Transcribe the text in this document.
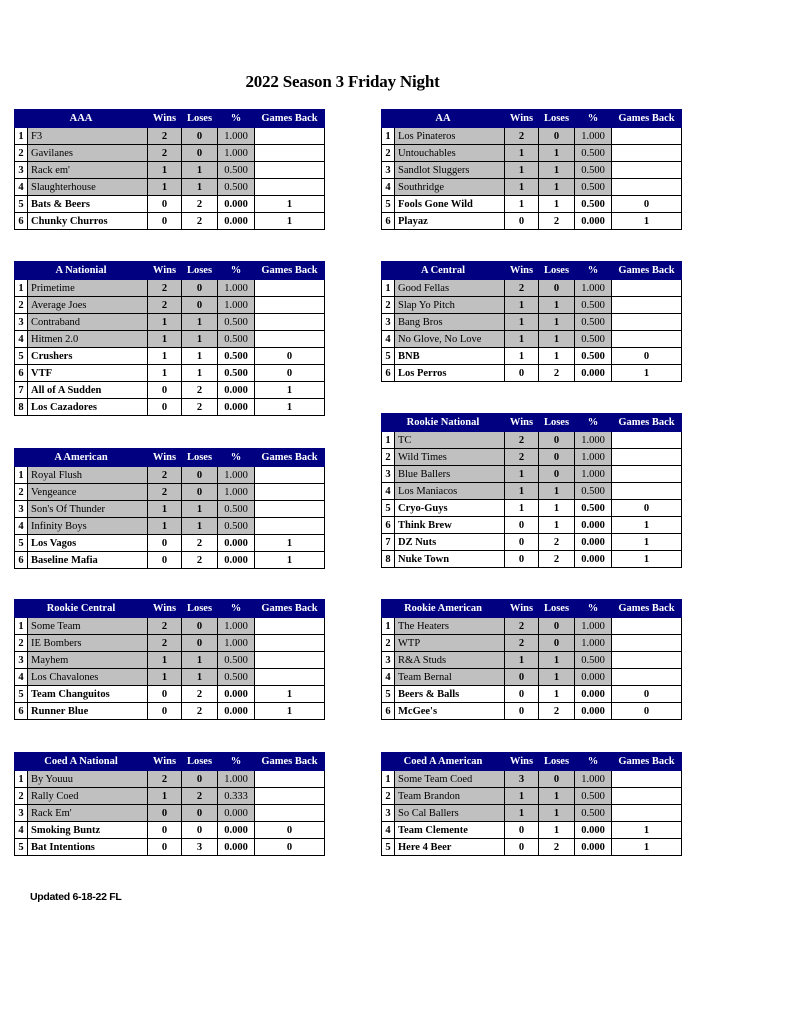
2022 Season 3 Friday Night
AAA		Wins	Loses	%	Games Back
1	F3	2	0	1.000	
2	Gavilanes	2	0	1.000	
3	Rack em'	1	1	0.500	
4	Slaughterhouse	1	1	0.500	
5	Bats & Beers	0	2	0.000	1
6	Chunky Churros	0	2	0.000	1
AA		Wins	Loses	%	Games Back
1	Los Pinateros	2	0	1.000	
2	Untouchables	1	1	0.500	
3	Sandlot Sluggers	1	1	0.500	
4	Southridge	1	1	0.500	
5	Fools Gone Wild	1	1	0.500	0
6	Playaz	0	2	0.000	1
A Nationial		Wins	Loses	%	Games Back
1	Primetime	2	0	1.000	
2	Average Joes	2	0	1.000	
3	Contraband	1	1	0.500	
4	Hitmen 2.0	1	1	0.500	
5	Crushers	1	1	0.500	0
6	VTF	1	1	0.500	0
7	All of A Sudden	0	2	0.000	1
8	Los Cazadores	0	2	0.000	1
A Central		Wins	Loses	%	Games Back
1	Good Fellas	2	0	1.000	
2	Slap Yo Pitch	1	1	0.500	
3	Bang Bros	1	1	0.500	
4	No Glove, No Love	1	1	0.500	
5	BNB	1	1	0.500	0
6	Los Perros	0	2	0.000	1
Rookie National		Wins	Loses	%	Games Back
1	TC	2	0	1.000	
2	Wild Times	2	0	1.000	
3	Blue Ballers	1	0	1.000	
4	Los Maniacos	1	1	0.500	
5	Cryo-Guys	1	1	0.500	0
6	Think Brew	0	1	0.000	1
7	DZ Nuts	0	2	0.000	1
8	Nuke Town	0	2	0.000	1
A American		Wins	Loses	%	Games Back
1	Royal Flush	2	0	1.000	
2	Vengeance	2	0	1.000	
3	Son's Of Thunder	1	1	0.500	
4	Infinity Boys	1	1	0.500	
5	Los Vagos	0	2	0.000	1
6	Baseline Mafia	0	2	0.000	1
Rookie Central		Wins	Loses	%	Games Back
1	Some Team	2	0	1.000	
2	IE Bombers	2	0	1.000	
3	Mayhem	1	1	0.500	
4	Los Chavalones	1	1	0.500	
5	Team Changuitos	0	2	0.000	1
6	Runner Blue	0	2	0.000	1
Rookie American		Wins	Loses	%	Games Back
1	The Heaters	2	0	1.000	
2	WTP	2	0	1.000	
3	R&A Studs	1	1	0.500	
4	Team Bernal	0	1	0.000	
5	Beers & Balls	0	1	0.000	0
6	McGee's	0	2	0.000	0
Coed A National		Wins	Loses	%	Games Back
1	By Youuu	2	0	1.000	
2	Rally Coed	1	2	0.333	
3	Rack Em'	0	0	0.000	
4	Smoking Buntz	0	0	0.000	0
5	Bat Intentions	0	3	0.000	0
Coed A American		Wins	Loses	%	Games Back
1	Some Team Coed	3	0	1.000	
2	Team Brandon	1	1	0.500	
3	So Cal Ballers	1	1	0.500	
4	Team Clemente	0	1	0.000	1
5	Here 4 Beer	0	2	0.000	1
Updated 6-18-22 FL
